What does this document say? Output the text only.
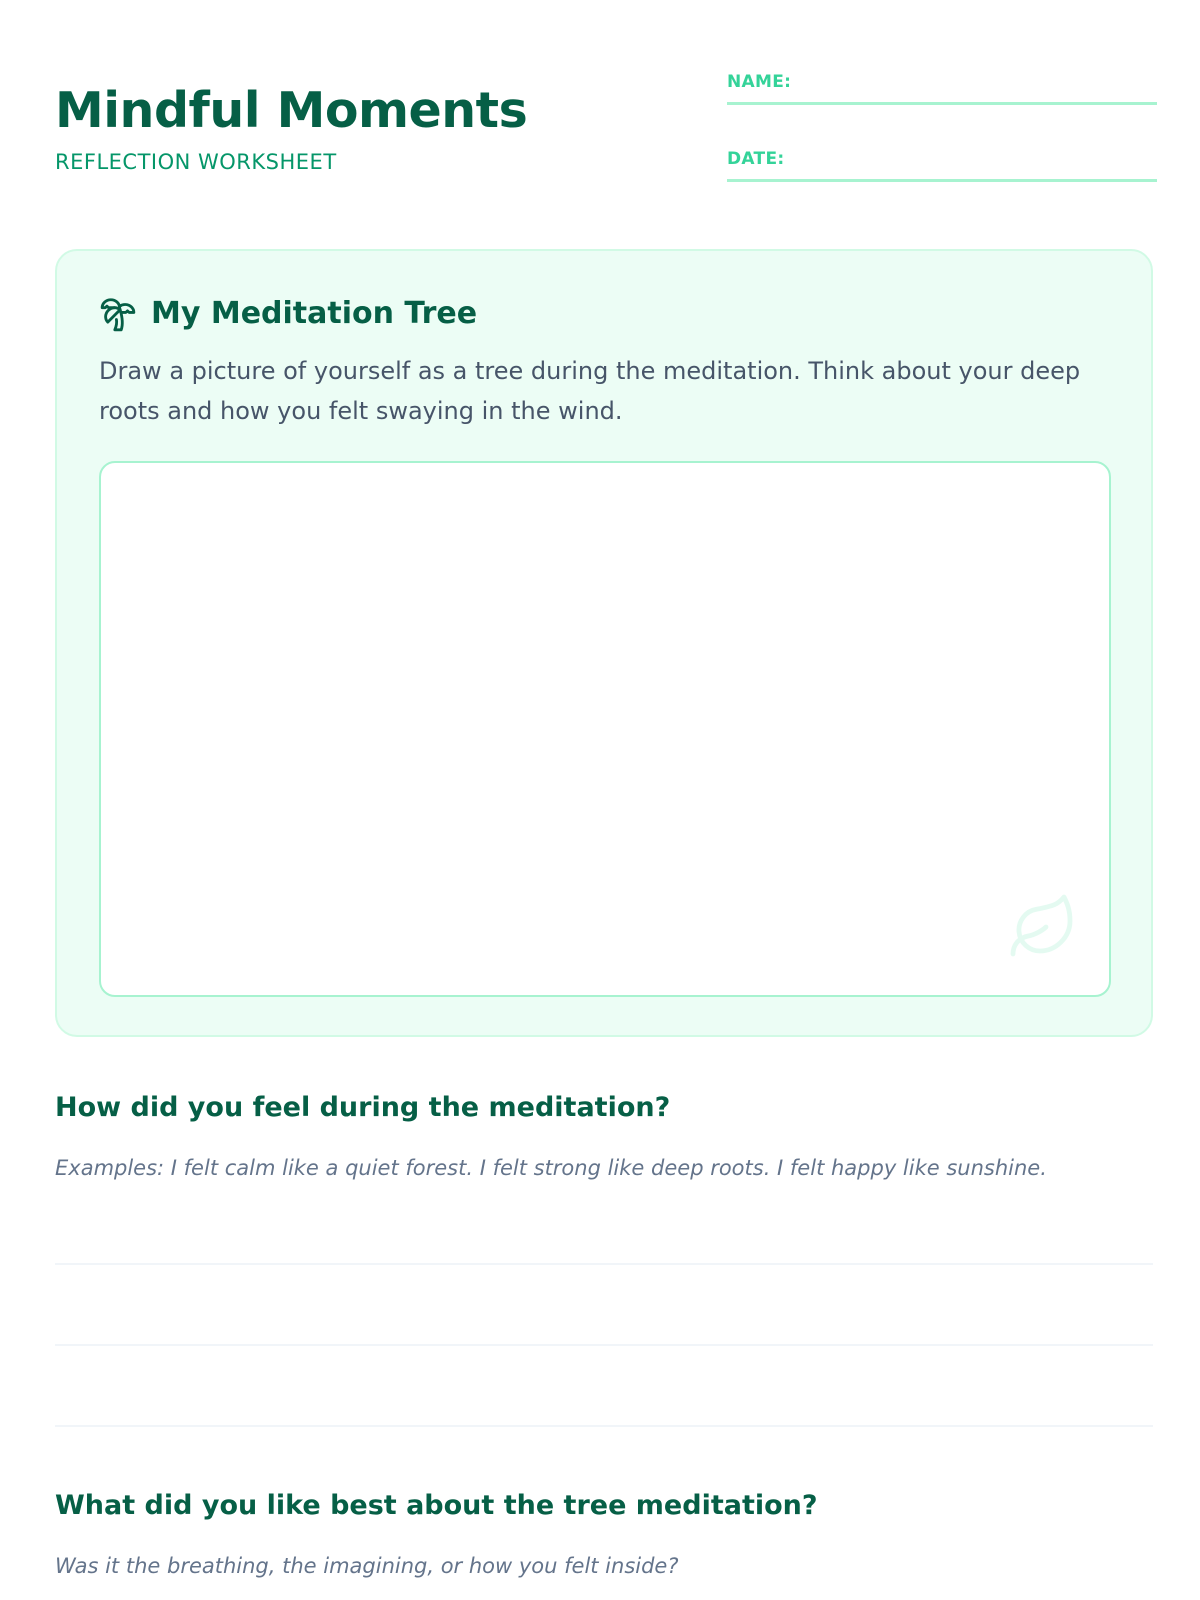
Mindful Moments
REFLECTION WORKSHEET
NAME:
DATE:
My Meditation Tree
Draw a picture of yourself as a tree during the meditation. Think about your deep roots and how you felt swaying in the wind.
How did you feel during the meditation?
Examples: I felt calm like a quiet forest. I felt strong like deep roots. I felt happy like sunshine.
What did you like best about the tree meditation?
Was it the breathing, the imagining, or how you felt inside?
